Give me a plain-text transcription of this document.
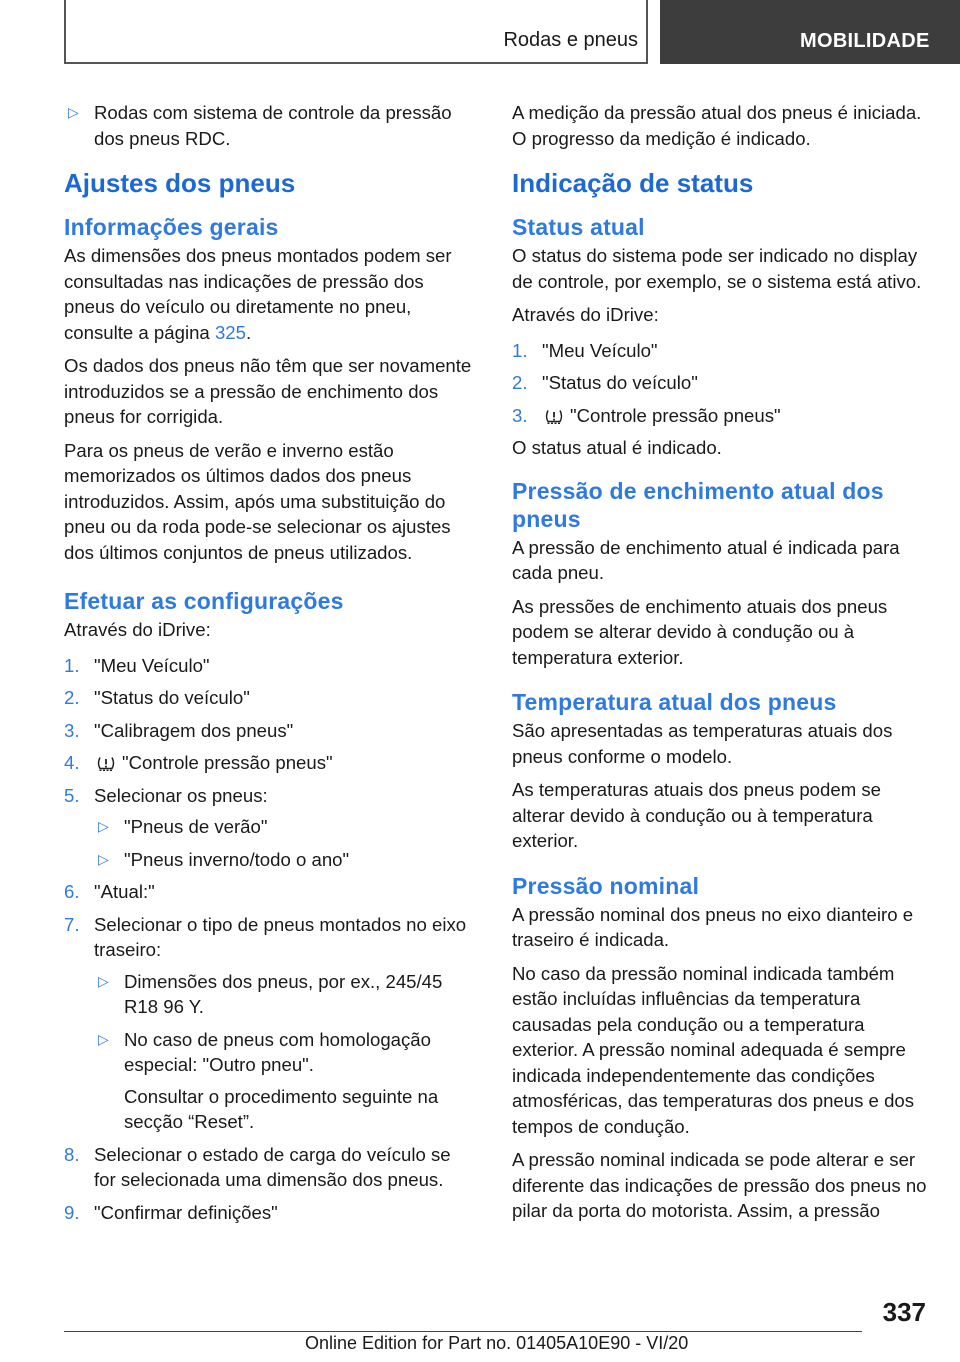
Rodas e pneus	MOBILIDADE
▷ Rodas com sistema de controle da pressão dos pneus RDC.
Ajustes dos pneus
Informações gerais

As dimensões dos pneus montados podem ser consultadas nas indicações de pressão dos pneus do veículo ou diretamente no pneu, consulte a página 325.

Os dados dos pneus não têm que ser novamente introduzidos se a pressão de enchimento dos pneus for corrigida.

Para os pneus de verão e inverno estão memorizados os últimos dados dos pneus introduzidos. Assim, após uma substituição do pneu ou da roda pode-se selecionar os ajustes dos últimos conjuntos de pneus utilizados.

Efetuar as configurações

Através do iDrive:

1. "Meu Veículo"
2. "Status do veículo"
3. "Calibragem dos pneus"
4. "Controle pressão pneus"
5. Selecionar os pneus:
▷ "Pneus de verão"
▷ "Pneus inverno/todo o ano"
6. "Atual:"
7. Selecionar o tipo de pneus montados no eixo traseiro:
▷ Dimensões dos pneus, por ex., 245/45 R18 96 Y.
▷ No caso de pneus com homologação especial: "Outro pneu".
Consultar o procedimento seguinte na secção “Reset”.
8. Selecionar o estado de carga do veículo se for selecionada uma dimensão dos pneus.
9. "Confirmar definições"

A medição da pressão atual dos pneus é iniciada. O progresso da medição é indicado.

Indicação de status
Status atual

O status do sistema pode ser indicado no display de controle, por exemplo, se o sistema está ativo.

Através do iDrive:

1. "Meu Veículo"
2. "Status do veículo"
3. "Controle pressão pneus"

O status atual é indicado.

Pressão de enchimento atual dos pneus

A pressão de enchimento atual é indicada para cada pneu.

As pressões de enchimento atuais dos pneus podem se alterar devido à condução ou à temperatura exterior.

Temperatura atual dos pneus

São apresentadas as temperaturas atuais dos pneus conforme o modelo.

As temperaturas atuais dos pneus podem se alterar devido à condução ou à temperatura exterior.

Pressão nominal

A pressão nominal dos pneus no eixo dianteiro e traseiro é indicada.

No caso da pressão nominal indicada também estão incluídas influências da temperatura causadas pela condução ou a temperatura exterior. A pressão nominal adequada é sempre indicada independentemente das condições atmosféricas, das temperaturas dos pneus e dos tempos de condução.

A pressão nominal indicada se pode alterar e ser diferente das indicações de pressão dos pneus no pilar da porta do motorista. Assim, a pressão

337
Online Edition for Part no. 01405A10E90 - VI/20
